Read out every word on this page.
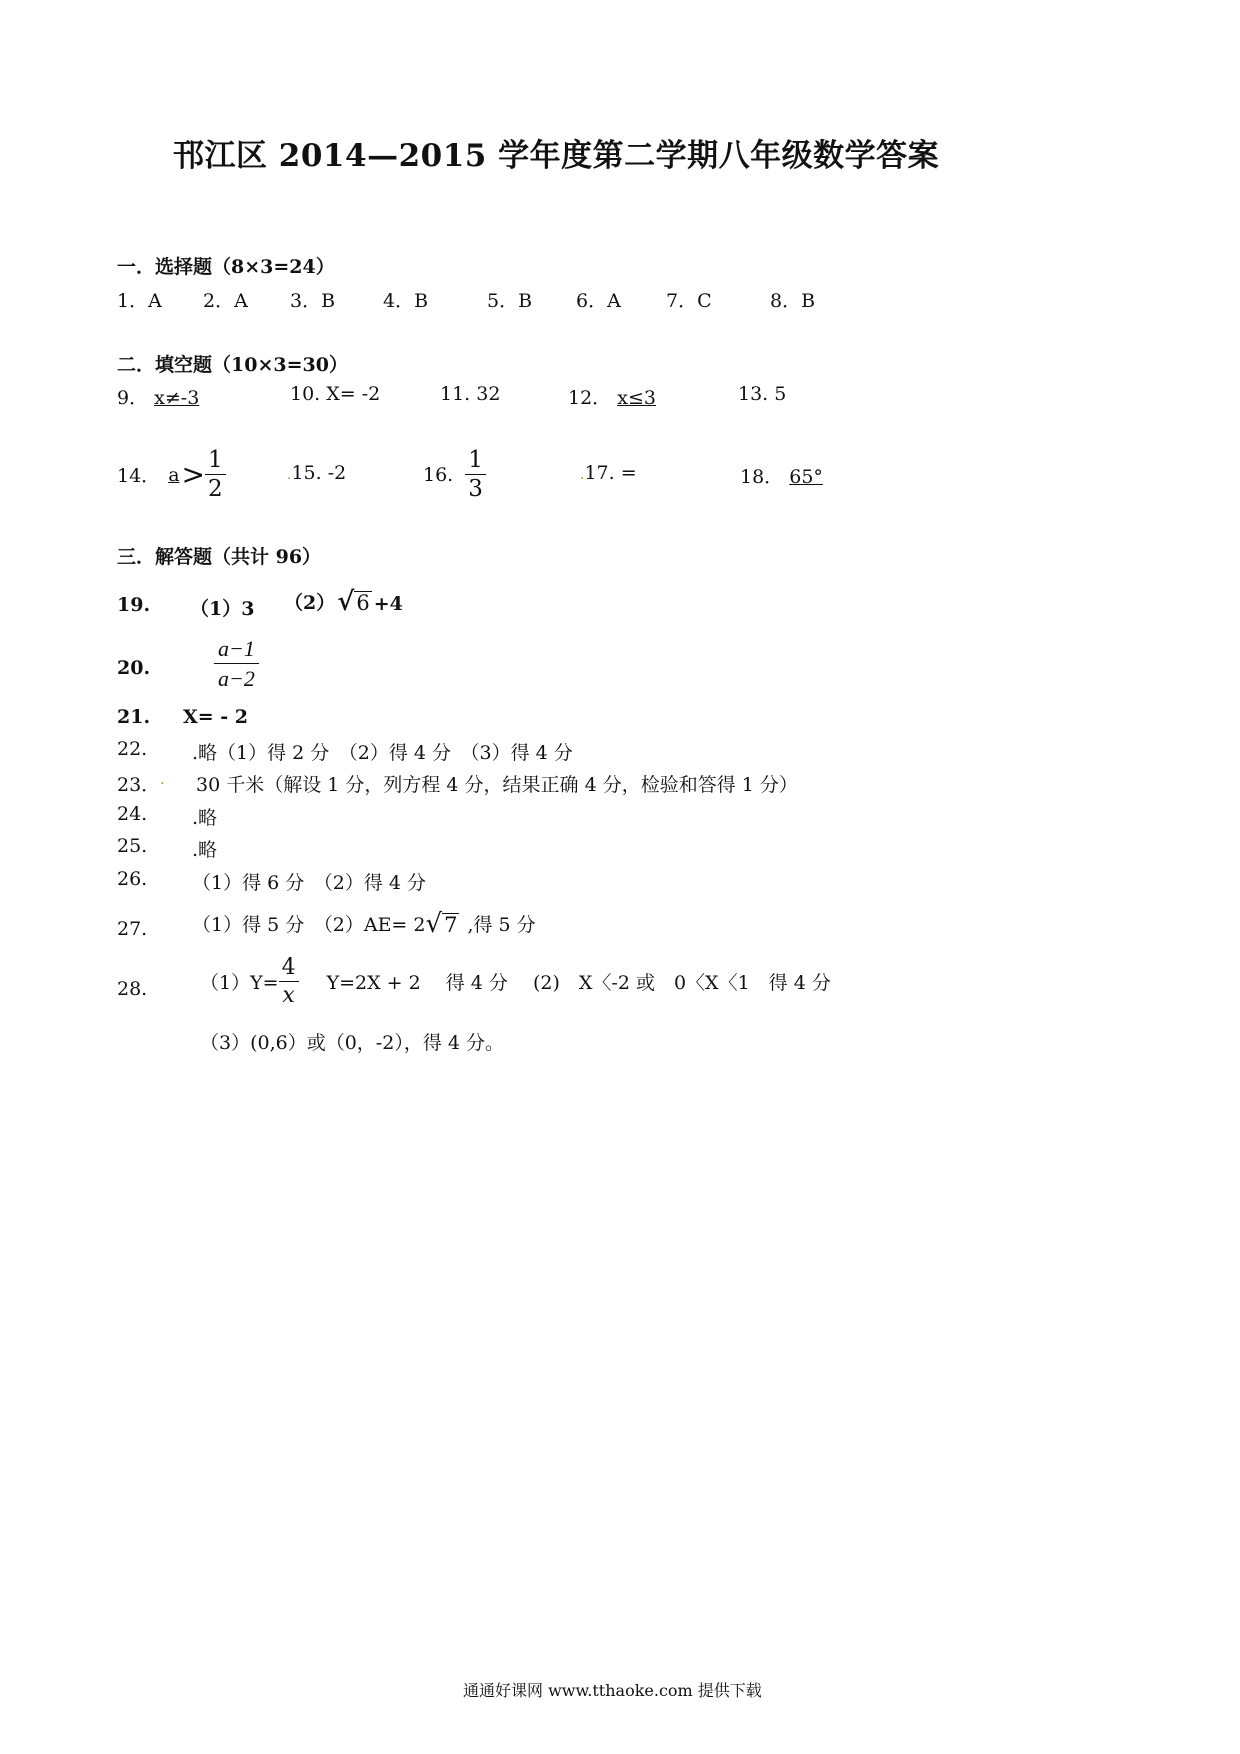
邗江区 2014—2015 学年度第二学期八年级数学答案
一．选择题（8×3=24）
1．A 2．A 3．B	4．B	5．B 6．A 7．C	8．B
二．填空题（10×3=30）
9． x≠-3	10. X= -2	11. 32	12． x≤3	13. 5
14． $a > \frac{1}{2}$	.15. -2	16. $\frac{1}{3}$	.17. =	18． 65°
三．解答题（共计 96）
19. （1）3 （2） √ 6 +4
20.	$\frac{a-1}{a-2}$
21. X= - 2
22. .略（1）得 2 分　（2）得 4 分　（3）得 4 分
23． . 30 千米（解设 1 分，列方程 4 分，结果正确 4 分，检验和答得 1 分）
24. .略
25. .略
26. （1）得 6 分　（2）得 4 分
27. （1）得 5 分　（2）AE= 2 √ 7 ,得 5 分
28.	$(1)Y= \frac{4}{x} Y=2X + 2$　 得 4 分　 (2)　X〈-2 或　0〈X〈1　得 4 分
（3）(0,6）或（0，-2），得 4 分。
通通好课网 www.tthaoke.com 提供下载
